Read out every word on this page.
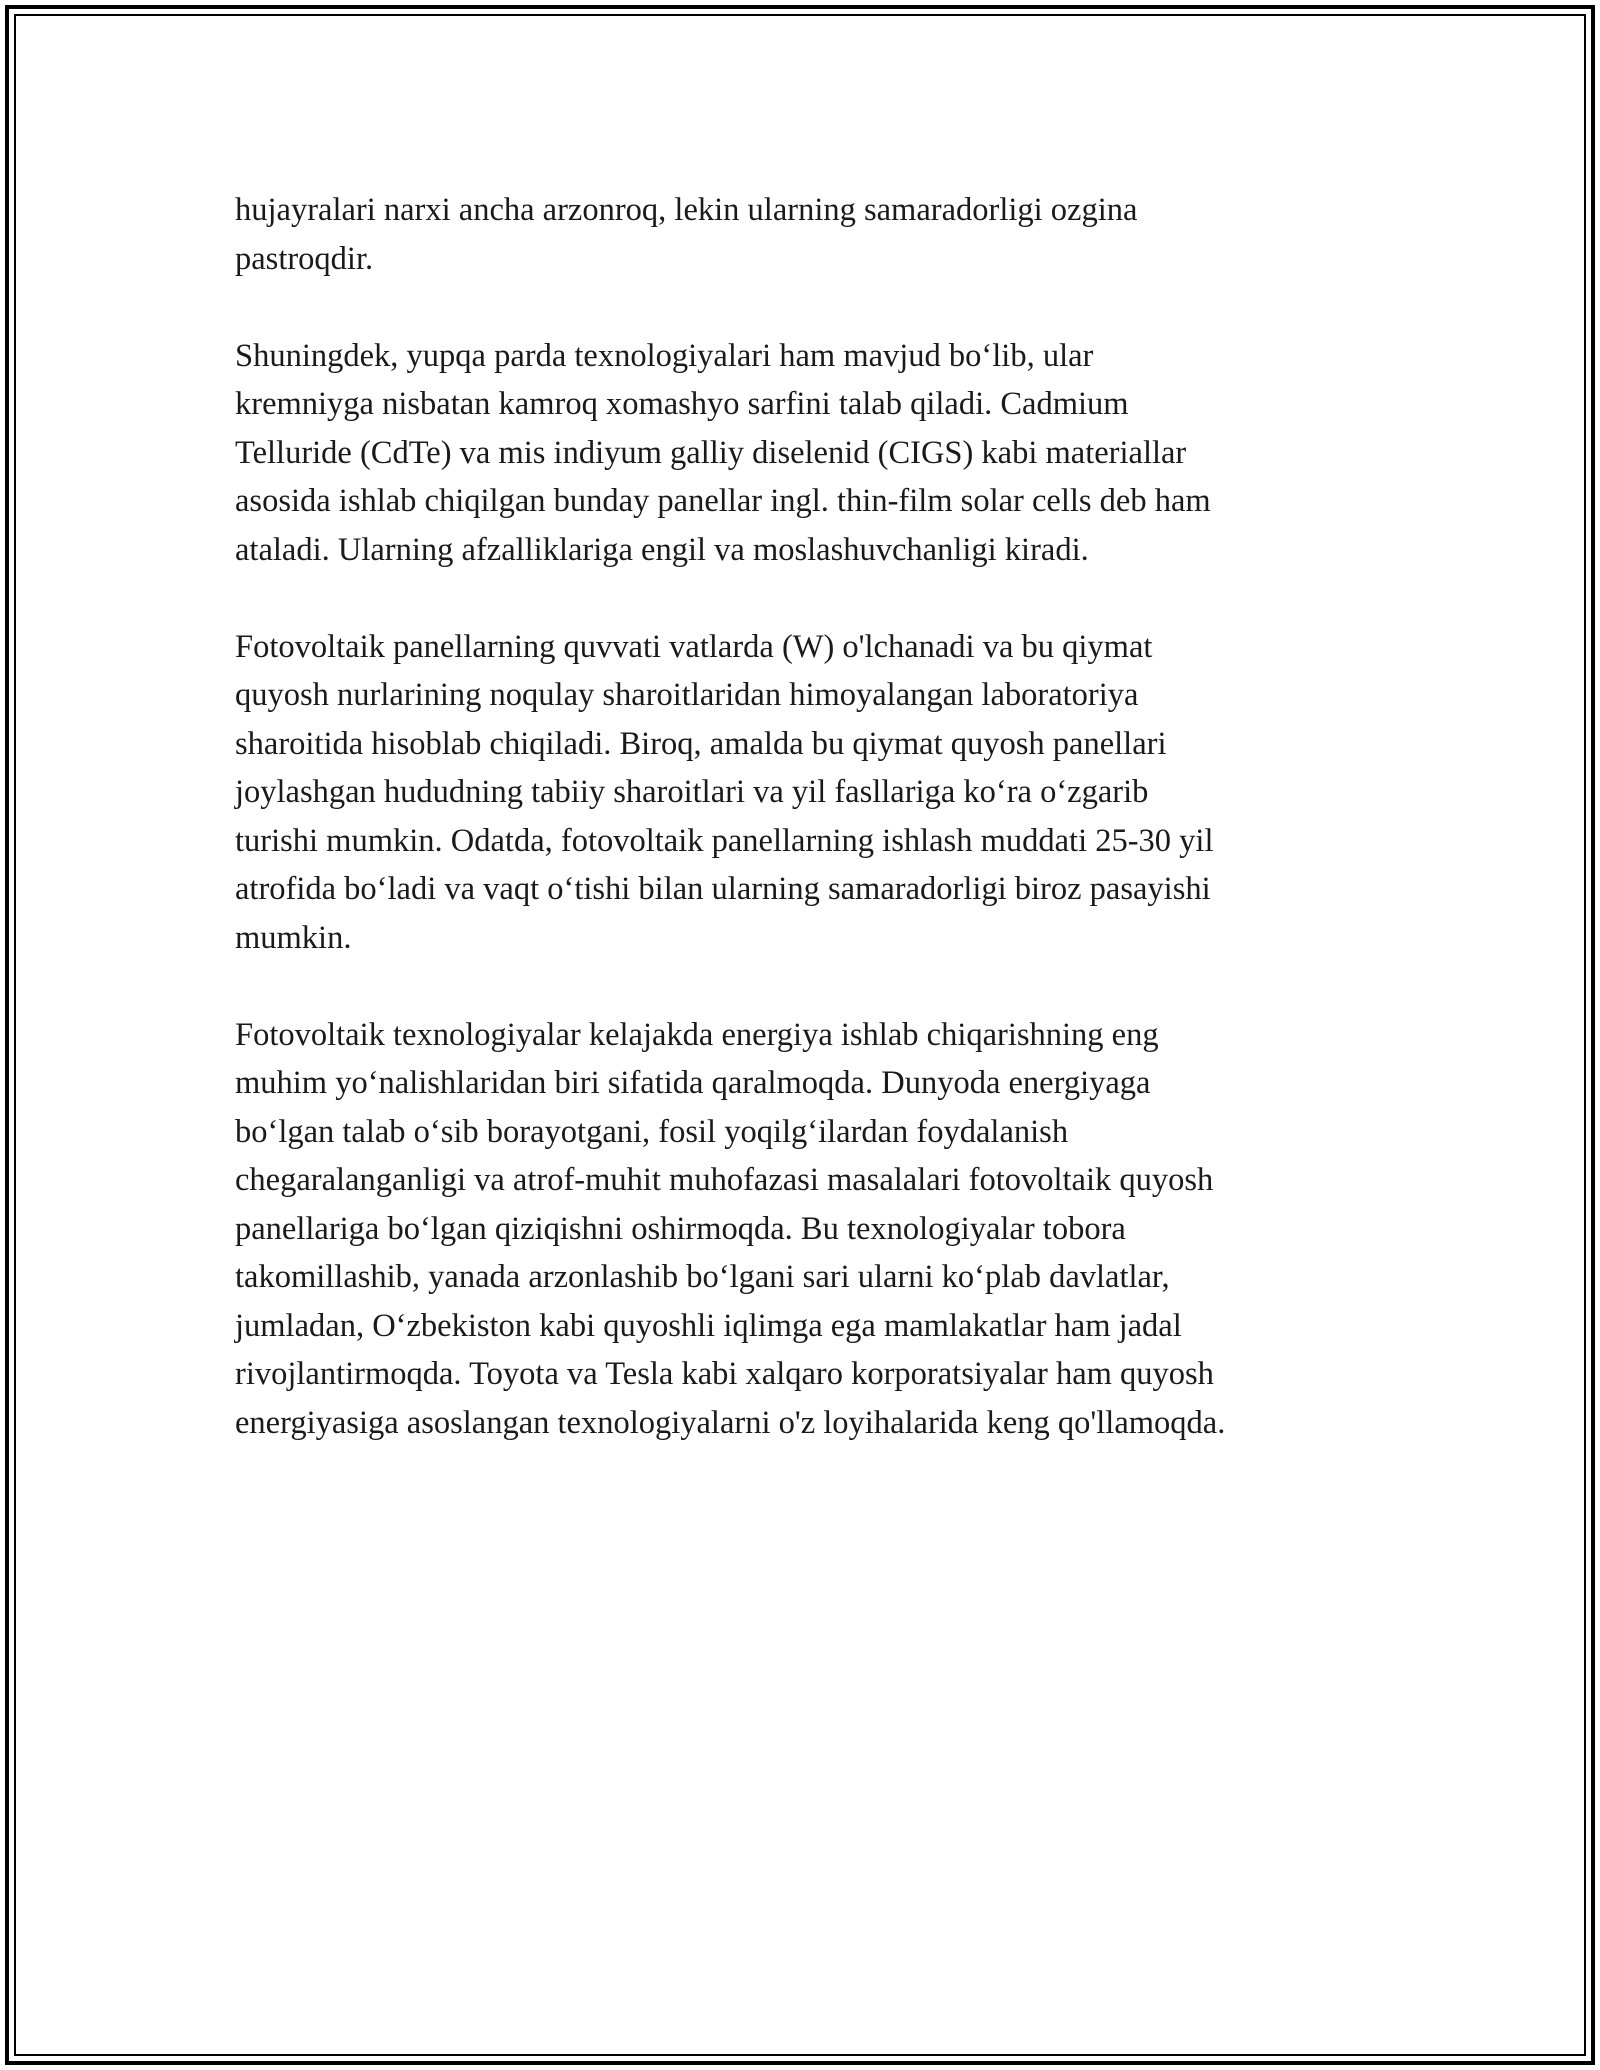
hujayralari narxi ancha arzonroq, lekin ularning samaradorligi ozgina
pastroqdir.

Shuningdek, yupqa parda texnologiyalari ham mavjud bo‘lib, ular
kremniyga nisbatan kamroq xomashyo sarfini talab qiladi. Cadmium
Telluride (CdTe) va mis indiyum galliy diselenid (CIGS) kabi materiallar
asosida ishlab chiqilgan bunday panellar ingl. thin-film solar cells deb ham
ataladi. Ularning afzalliklariga engil va moslashuvchanligi kiradi.

Fotovoltaik panellarning quvvati vatlarda (W) o'lchanadi va bu qiymat
quyosh nurlarining noqulay sharoitlaridan himoyalangan laboratoriya
sharoitida hisoblab chiqiladi. Biroq, amalda bu qiymat quyosh panellari
joylashgan hududning tabiiy sharoitlari va yil fasllariga ko‘ra o‘zgarib
turishi mumkin. Odatda, fotovoltaik panellarning ishlash muddati 25-30 yil
atrofida bo‘ladi va vaqt o‘tishi bilan ularning samaradorligi biroz pasayishi
mumkin.

Fotovoltaik texnologiyalar kelajakda energiya ishlab chiqarishning eng
muhim yo‘nalishlaridan biri sifatida qaralmoqda. Dunyoda energiyaga
bo‘lgan talab o‘sib borayotgani, fosil yoqilg‘ilardan foydalanish
chegaralanganligi va atrof-muhit muhofazasi masalalari fotovoltaik quyosh
panellariga bo‘lgan qiziqishni oshirmoqda. Bu texnologiyalar tobora
takomillashib, yanada arzonlashib bo‘lgani sari ularni ko‘plab davlatlar,
jumladan, O‘zbekiston kabi quyoshli iqlimga ega mamlakatlar ham jadal
rivojlantirmoqda. Toyota va Tesla kabi xalqaro korporatsiyalar ham quyosh
energiyasiga asoslangan texnologiyalarni o'z loyihalarida keng qo'llamoqda.
